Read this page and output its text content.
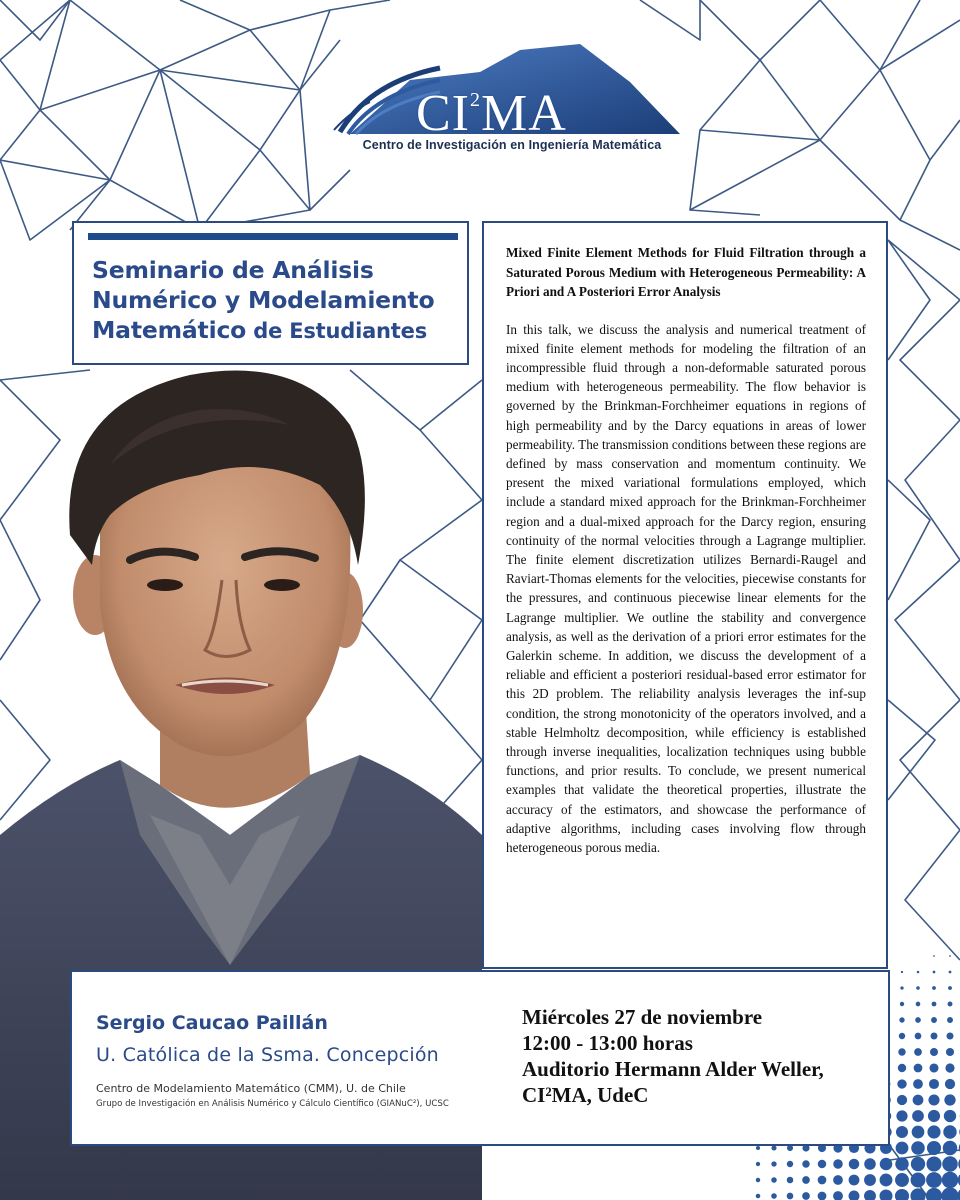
$CI^2MA$
Centro de Investigación en Ingeniería Matemática
Seminario de Análisis
Numérico y Modelamiento
Matemático de Estudiantes

Mixed Finite Element Methods for Fluid Filtration through a Saturated Porous Medium with Heterogeneous Permeability: A Priori and A Posteriori Error Analysis

In this talk, we discuss the analysis and numerical treatment of mixed finite element methods for modeling the filtration of an incompressible fluid through a non-deformable saturated porous medium with heterogeneous permeability. The flow behavior is governed by the Brinkman-Forchheimer equations in regions of high permeability and by the Darcy equations in areas of lower permeability. The transmission conditions between these regions are defined by mass conservation and momentum continuity. We present the mixed variational formulations employed, which include a standard mixed approach for the Brinkman-Forchheimer region and a dual-mixed approach for the Darcy region, ensuring continuity of the normal velocities through a Lagrange multiplier. The finite element discretization utilizes Bernardi-Raugel and Raviart-Thomas elements for the velocities, piecewise constants for the pressures, and continuous piecewise linear elements for the Lagrange multiplier. We outline the stability and convergence analysis, as well as the derivation of a priori error estimates for the Galerkin scheme. In addition, we discuss the development of a reliable and efficient a posteriori residual-based error estimator for this 2D problem. The reliability analysis leverages the inf-sup condition, the strong monotonicity of the operators involved, and a stable Helmholtz decomposition, while efficiency is established through inverse inequalities, localization techniques using bubble functions, and prior results. To conclude, we present numerical examples that validate the theoretical properties, illustrate the accuracy of the estimators, and showcase the performance of adaptive algorithms, including cases involving flow through heterogeneous porous media.

Sergio Caucao Paillán
U. Católica de la Ssma. Concepción
Centro de Modelamiento Matemático (CMM), U. de Chile
Grupo de Investigación en Análisis Numérico y Cálculo Científico (GIANuC²), UCSC
Miércoles 27 de noviembre
12:00 - 13:00 horas
Auditorio Hermann Alder Weller,
CI²MA, UdeC
